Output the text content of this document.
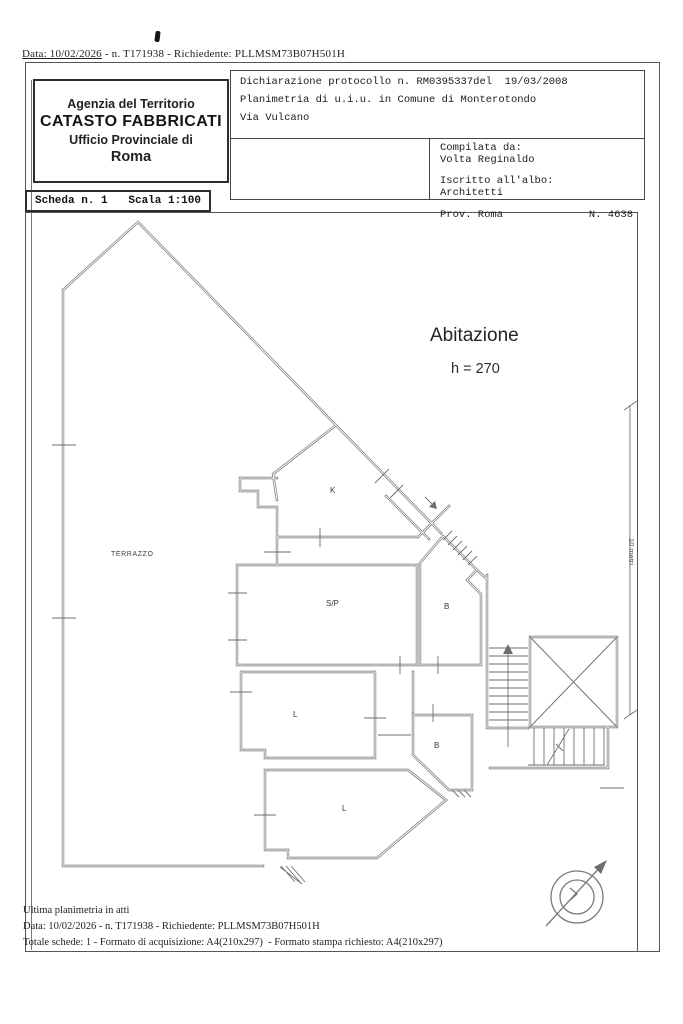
Data: 10/02/2026 - n. T171938 - Richiedente: PLLMSM73B07H501H
Agenzia del Territorio
CATASTO FABBRICATI
Ufficio Provinciale di
Roma
Scheda n. 1 Scala 1:100
Dichiarazione protocollo n. RM0395337del  19/03/2008
Planimetria di u.i.u. in Comune di Monterotondo
Via Vulcano
Compilata da:
Volta Reginaldo
Iscritto all'albo:
Architetti
Prov. Roma	N. 4638
Abitazione
h = 270
TERRAZZO
K
S/P	B
L
B
L
10 metri
Ultima planimetria in atti
Data: 10/02/2026 - n. T171938 - Richiedente: PLLMSM73B07H501H
Totale schede: 1 - Formato di acquisizione: A4(210x297)  - Formato stampa richiesto: A4(210x297)
